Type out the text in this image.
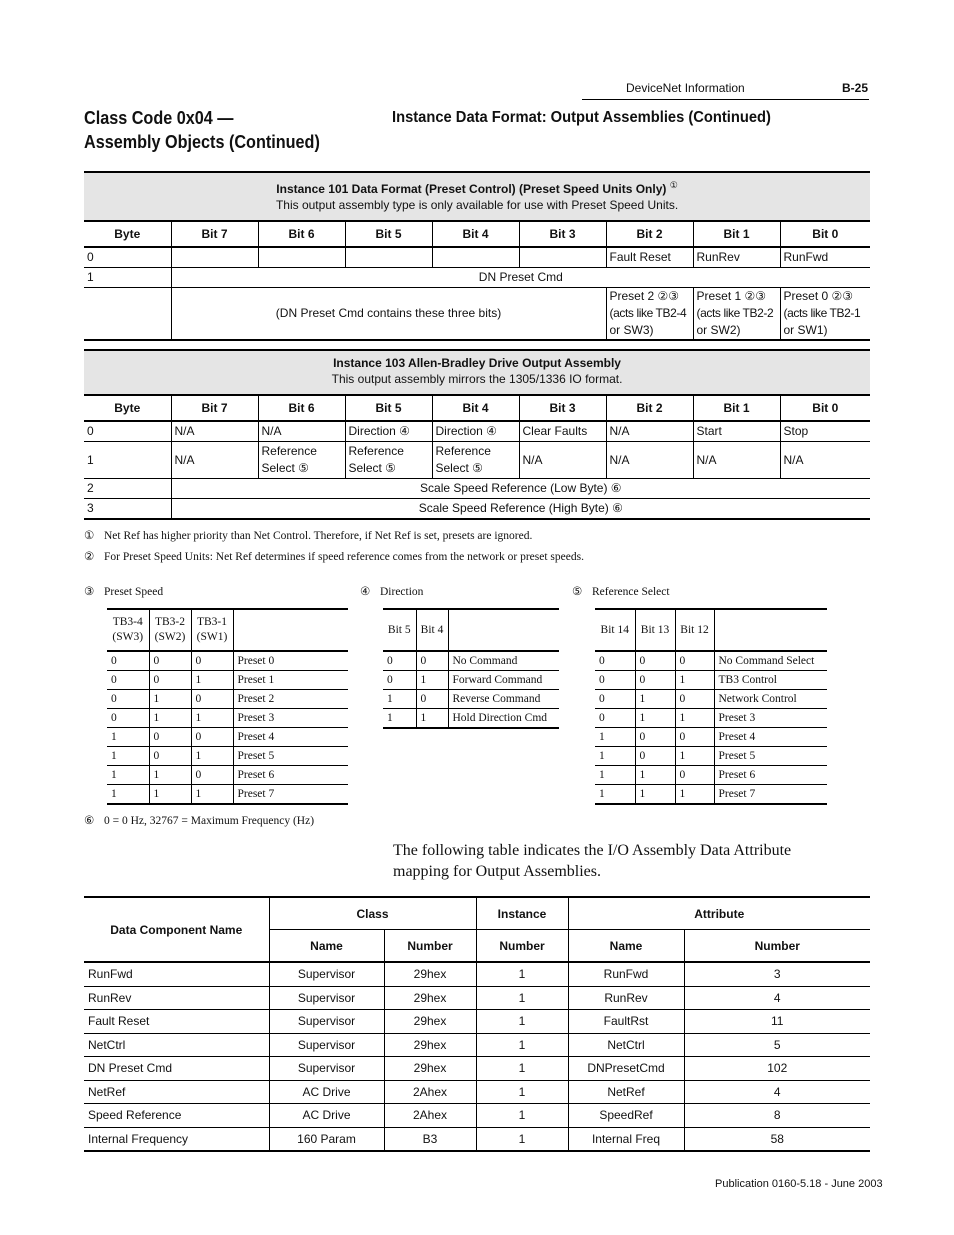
DeviceNet Information	B-25
Class Code 0x04 —
Assembly Objects (Continued)
Instance Data Format: Output Assemblies (Continued)
Instance 101 Data Format (Preset Control) (Preset Speed Units Only) ①
This output assembly type is only available for use with Preset Speed Units.								
Byte	Bit 7	Bit 6	Bit 5	Bit 4	Bit 3	Bit 2	Bit 1	Bit 0
0						Fault Reset	RunRev	RunFwd
1	DN Preset Cmd							
	(DN Preset Cmd contains these three bits)					Preset 2 ②③
(acts like TB2-4
or SW3)	Preset 1 ②③
(acts like TB2-2
or SW2)	Preset 0 ②③
(acts like TB2-1
or SW1)
Instance 103 Allen-Bradley Drive Output Assembly
This output assembly mirrors the 1305/1336 IO format.								
Byte	Bit 7	Bit 6	Bit 5	Bit 4	Bit 3	Bit 2	Bit 1	Bit 0
0	N/A	N/A	Direction ④	Direction ④	Clear Faults	N/A	Start	Stop
1	N/A	Reference
Select ⑤	Reference
Select ⑤	Reference
Select ⑤	N/A	N/A	N/A	N/A
2	Scale Speed Reference (Low Byte) ⑥							
3	Scale Speed Reference (High Byte) ⑥							
① Net Ref has higher priority than Net Control. Therefore, if Net Ref is set, presets are ignored.
② For Preset Speed Units: Net Ref determines if speed reference comes from the network or preset speeds.
③ Preset Speed	④ Direction	⑤ Reference Select
TB3-4
(SW3)	TB3-2
(SW2)	TB3-1
(SW1)	
0	0	0	Preset 0
0	0	1	Preset 1
0	1	0	Preset 2
0	1	1	Preset 3
1	0	0	Preset 4
1	0	1	Preset 5
1	1	0	Preset 6
1	1	1	Preset 7
Bit 5	Bit 4	
0	0	No Command
0	1	Forward Command
1	0	Reverse Command
1	1	Hold Direction Cmd
Bit 14	Bit 13	Bit 12	
0	0	0	No Command Select
0	0	1	TB3 Control
0	1	0	Network Control
0	1	1	Preset 3
1	0	0	Preset 4
1	0	1	Preset 5
1	1	0	Preset 6
1	1	1	Preset 7
⑥ 0 = 0 Hz, 32767 = Maximum Frequency (Hz)
The following table indicates the I/O Assembly Data Attribute
mapping for Output Assemblies.
Data Component Name	Class		Instance	Attribute	
	Name	Number	Number	Name	Number
RunFwd	Supervisor	29hex	1	RunFwd	3
RunRev	Supervisor	29hex	1	RunRev	4
Fault Reset	Supervisor	29hex	1	FaultRst	11
NetCtrl	Supervisor	29hex	1	NetCtrl	5
DN Preset Cmd	Supervisor	29hex	1	DNPresetCmd	102
NetRef	AC Drive	2Ahex	1	NetRef	4
Speed Reference	AC Drive	2Ahex	1	SpeedRef	8
Internal Frequency	160 Param	B3	1	Internal Freq	58
Publication 0160-5.18 - June 2003
